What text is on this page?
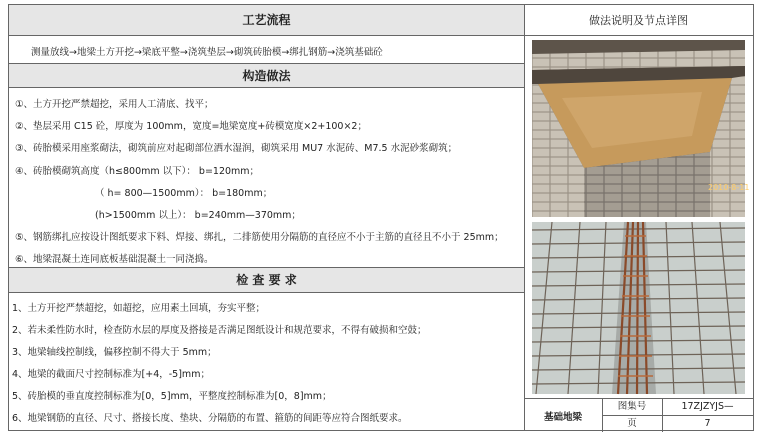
工艺流程
测量放线→地梁土方开挖→梁底平整→浇筑垫层→砌筑砖胎模→绑扎钢筋→浇筑基础砼
构造做法
①、土方开挖严禁超挖，采用人工清底、找平；
②、垫层采用 C15 砼，厚度为 100mm，宽度=地梁宽度+砖模宽度×2+100×2；
③、砖胎模采用座浆砌法，砌筑前应对起砌部位洒水湿润，砌筑采用 MU7 水泥砖、M7.5 水泥砂浆砌筑；
④、砖胎模砌筑高度（h≤800mm 以下）： b=120mm；
（ h= 800—1500mm）： b=180mm；
(h>1500mm 以上）： b=240mm—370mm；
⑤、钢筋绑扎应按设计图纸要求下料、焊接、绑扎，二排筋使用分隔筋的直径应不小于主筋的直径且不小于 25mm；
⑥、地梁混凝土连同底板基础混凝土一同浇捣。
检 查 要 求
1、土方开挖严禁超挖，如超挖，应用素土回填，夯实平整；
2、若未柔性防水时，检查防水层的厚度及搭接是否满足图纸设计和规范要求，不得有破损和空鼓；
3、地梁轴线控制线，偏移控制不得大于 5mm；
4、地梁的截面尺寸控制标准为[+4，-5]mm；
5、砖胎模的垂直度控制标准为[0，5]mm，平整度控制标准为[0，8]mm；
6、地梁钢筋的直径、尺寸、搭接长度、垫块、分隔筋的布置、箍筋的间距等应符合图纸要求。
做法说明及节点详图
2010-8-11
基础地梁
图集号	17ZJZYJS—
页	7
